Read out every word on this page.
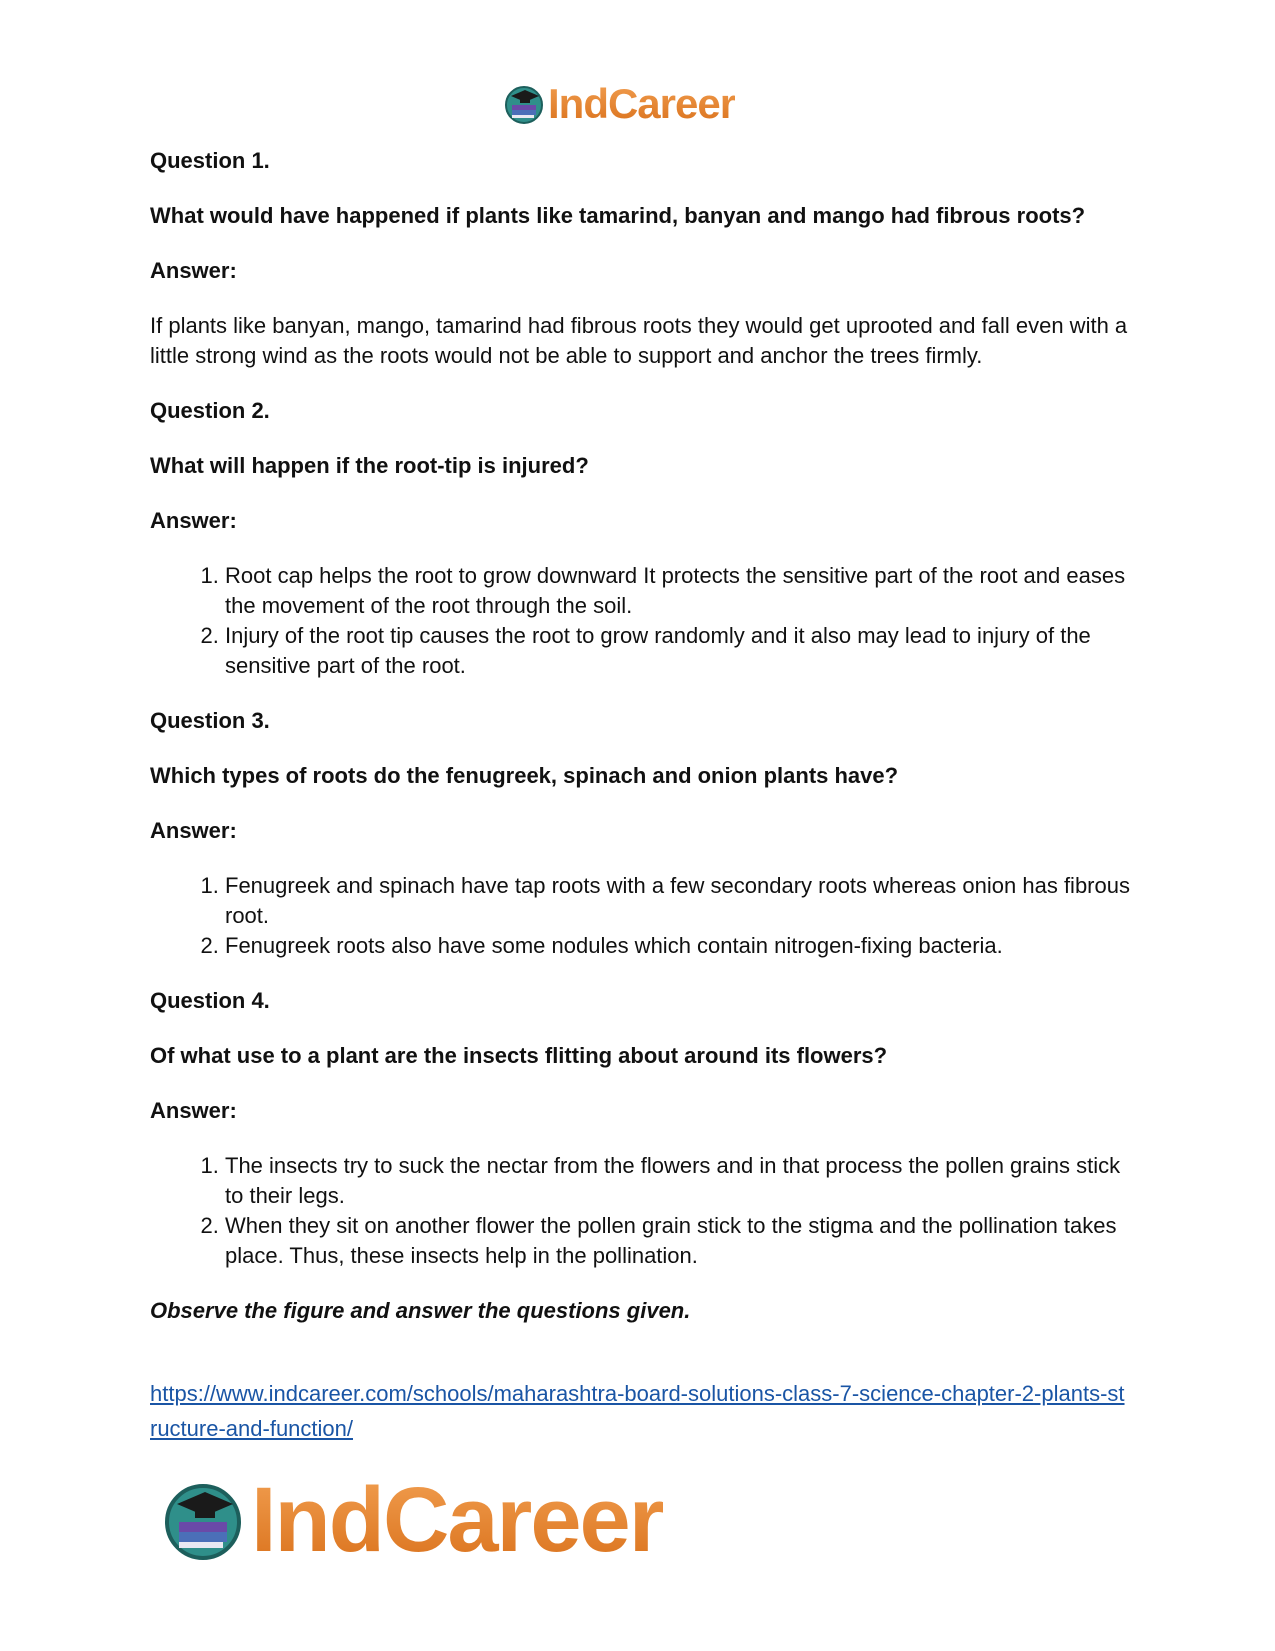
IndCareer

Question 1.

What would have happened if plants like tamarind, banyan and mango had fibrous roots?

Answer:

If plants like banyan, mango, tamarind had fibrous roots they would get uprooted and fall even with a little strong wind as the roots would not be able to support and anchor the trees firmly.

Question 2.

What will happen if the root-tip is injured?

Answer:

1. Root cap helps the root to grow downward It protects the sensitive part of the root and eases the movement of the root through the soil.
2. Injury of the root tip causes the root to grow randomly and it also may lead to injury of the sensitive part of the root.

Question 3.

Which types of roots do the fenugreek, spinach and onion plants have?

Answer:

1. Fenugreek and spinach have tap roots with a few secondary roots whereas onion has fibrous root.
2. Fenugreek roots also have some nodules which contain nitrogen-fixing bacteria.

Question 4.

Of what use to a plant are the insects flitting about around its flowers?

Answer:

1. The insects try to suck the nectar from the flowers and in that process the pollen grains stick to their legs.
2. When they sit on another flower the pollen grain stick to the stigma and the pollination takes place. Thus, these insects help in the pollination.

Observe the figure and answer the questions given.

https://www.indcareer.com/schools/maharashtra-board-solutions-class-7-science-chapter-2-plants-structure-and-function/
IndCareer
